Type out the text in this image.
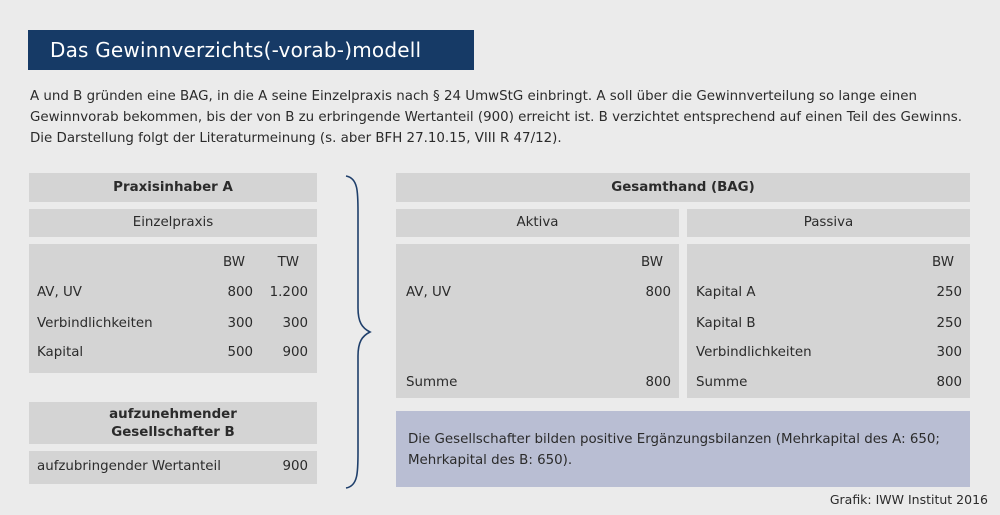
Das Gewinnverzichts(-vorab-)modell
A und B gründen eine BAG, in die A seine Einzelpraxis nach § 24 UmwStG einbringt. A soll über die Gewinnverteilung so lange einen Gewinnvorab bekommen, bis der von B zu erbringende Wertanteil (900) erreicht ist. B verzichtet entsprechend auf einen Teil des Gewinns. Die Darstellung folgt der Literaturmeinung (s. aber BFH 27.10.15, VIII R 47/12).
Praxisinhaber A
Einzelpraxis
BW TW
AV, UV	800 1.200
Verbindlichkeiten	300 300
Kapital	500 900
aufzunehmender
Gesellschafter B
aufzubringender Wertanteil	900
Gesamthand (BAG)
Aktiva	Passiva
BW
AV, UV	800
Summe	800
BW
Kapital A	250
Kapital B	250
Verbindlichkeiten	300
Summe	800
Die Gesellschafter bilden positive Ergänzungsbilanzen (Mehrkapital des A: 650; Mehrkapital des B: 650).
Grafik: IWW Institut 2016
